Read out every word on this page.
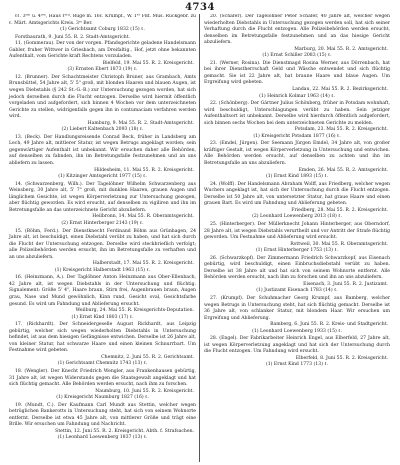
4734

ℓℓ. 3ᵗᵉⁿ u. 4ᵗᵉⁿ, Haus ℓᵉʳᵍ. Rüge m. 16ℓ. Krumpf., W. 1ᵉʳ Fßf. Mus. Rückgebr. zu ℓ. Märt. Amtsgerichts Kreis. 3ᵗᵉ Ber.

(1) Gerichtsamt Coburg 1832 (15) ℓ.

Forstbaurath, 9. Juni 55. R. 2. Stadt-Amtsgericht.

11. (Gommerau). Der von der vorgen. Pfandsgerichte geladene Handelsmann Gabler, fruher Wittwer in Griesbach, am Dreifaltig., Hof, jetzt ohne bekannten Aufenthalt, vom Gerichte kraft Rechtens vorzuladen.

Bielfeld, 19. Mai 55. R. 2. Kreisgericht.

(3) Ernsten Ebert 1873 (19) ℓ.

12. (Brunner). Der Schachtmeister Christoph Bruner, aus Grambach, Amts Brunsbüttel, 54 Jahre alt, 5' 5" groß, mit blonden Haaren und blauen Augen, ist wegen Diebstahls (§ 242 St.-G.-B.) zur Untersuchung gezogen worden, hat sich jedoch derselben durch die Flucht entzogen. Derselbe wird hiermit öffentlich vorgeladen und aufgefordert, sich binnen 4 Wochen vor dem unterzeichneten Gerichte zu stellen, widrigenfalls gegen ihn in contumaciam verfahren werden wird.

Hamburg, 9. Mai 55. R. 2. Stadt-Amtsgericht.

(2) Liebert Kaltenbach 2093 (18) ℓ.

13. (Beck). Der Handlungsreisende Conrad Beck, früher in Landsberg am Lech, 49 Jahre alt, mittlerer Statur, ist wegen Betrugs angeklagt worden; sein gegenwärtiger Aufenthalt ist unbekannt. Wir ersuchen daher alle Behörden, auf denselben zu fahnden, ihn im Betretungsfalle festzunehmen und an uns abliefern zu lassen.

Hildesheim, 11. Mai 55. R. 2. Kreisgericht.

(1) Kitzinger Amtsgericht 1977 (15) ℓ.

14. (Schwarzenberg, Wilh.). Der Tagelöhner Wilhelm Schwarzenberg aus Weinsberg, 30 Jahre alt, 5' 7" groß, mit dunklen Haaren, grauen Augen und länglichem Gesichte, ist wegen Körperverletzung zur Untersuchung gezogen, aber flüchtig geworden. Es wird ersucht, auf denselben zu vigiliren und ihn im Betretungsfalle an das unterzeichnete Gericht abzuliefern.

Heilbronn, 14. Mai 55. R. Oberamtsgericht.

(2) Ernst Hinterberger 2143 (19) ℓ.

15. (Böhm, Ferd.). Der Dienstknecht Ferdinand Böhm aus Grünhagen, 24 Jahre alt, ist beschuldigt, einen Diebstahl verübt zu haben, und hat sich durch die Flucht der Untersuchung entzogen. Derselbe wird steckbrieflich verfolgt; alle Polizeibehörden werden ersucht, ihn im Betretungsfalle zu verhaften und an uns abzuliefern.

Halberstadt, 17. Mai 55. R. 2. Kreisgericht.

(1) Kreisgericht Halberstadt 1963 (15) ℓ.

16. (Heinzmann, A.). Der Taglöhner Anton Heinzmann aus Ober-Ellenbach, 42 Jahre alt, ist wegen Diebstahls in der Untersuchung und flüchtig. Signalement: Größe 5' 4", Haare braun, Stirn frei, Augenbrauen braun, Augen grau, Nase und Mund gewöhnlich, Kinn rund, Gesicht oval, Gesichtsfarbe gesund. Es wird um Fahndung und Ablieferung ersucht.

Weilburg, 24. Mai 55. R. Kreisgerichts-Deputation.

(1) Ernst Kind 1803 (17) ℓ.

17. (Rickhardt). Der Schneidergeselle August Rickhardt, aus Leipzig gebürtig, welcher sich wegen wiederholten Diebstahls in Untersuchung befindet, ist aus dem hiesigen Gefängnisse entwichen. Derselbe ist 26 Jahre alt, von kleiner Statur, hat schwarze Haare und einen kleinen Schnurrbart. Um Festnahme wird gebeten.

Chemnitz, 2. Juni 55. R. 2. Gerichtsamt.

(1) Gerichtsamt Chemnitz 1743 (13) ℓ.

18. (Wengler). Der Knecht Friedrich Wengler, aus Frankenhausen gebürtig, 31 Jahre alt, ist wegen Widerstands gegen die Staatsgewalt angeklagt und hat sich flüchtig gemacht. Alle Behörden werden ersucht, nach ihm zu forschen.

Naumburg, 10. Juni 55. R. 2. Kreisgericht.

(1) Kreisgericht Naumburg 1827 (16) ℓ.

19. (Mundt, C.). Der Kaufmann Carl Mundt aus Stettin, welcher wegen betrüglichen Bankerotts in Untersuchung steht, hat sich von seinem Wohnorte entfernt. Derselbe ist etwa 45 Jahre alt, von mittlerer Größe und trägt eine Brille. Wir ersuchen um Fahndung und Nachricht.

Stettin, 12. Juni 55. R. 2. Kreisgericht. Abth. f. Strafsachen.

(1) Leonhard Loewenberg 1837 (13) ℓ.

20. (Schäfer). Der Tagelöhner Peter Schäfer, 40 Jahre alt, welcher wegen wiederholten Diebstahls in Untersuchung gezogen werden soll, hat sich seiner Verhaftung durch die Flucht entzogen. Alle Polizeibehörden werden ersucht, denselben im Betretungsfalle festzunehmen und an das hiesige Gericht abzuliefern.

Marburg, 20. Mai 55. R. 2. Amtsgericht.

(1) Ernst Schiller 2083 (15) ℓ.

21. (Werner, Rosina). Die Dienstmagd Rosina Werner, aus Dörrenbach, hat bei ihrer Dienstherrschaft Geld und Wäsche entwendet und sich flüchtig gemacht. Sie ist 22 Jahre alt, hat braune Haare und blaue Augen. Um Ergreifung wird gebeten.

Landau, 22. Mai 55. R. 2. Bezirksgericht.

(1) Heinrich Kolmar 1963 (14) ℓ.

22. (Schönberg). Der Gärtner Julius Schönberg, früher in Potsdam wohnhaft, wird beschuldigt, Unterschlagungen verübt zu haben. Sein jetziger Aufenthaltsort ist unbekannt. Derselbe wird hierdurch öffentlich aufgefordert, sich binnen sechs Wochen bei dem unterzeichneten Gerichte zu melden.

Potsdam, 23. Mai 55. R. 2. Kreisgericht.

(1) Kreisgericht Potsdam 1877 (16) ℓ.

23. (Emdel, Jürgen). Der Seemann Jürgen Emdel, 34 Jahre alt, von großer kräftiger Gestalt, ist wegen Körperverletzung in Untersuchung und entwichen. Alle Behörden werden ersucht, auf denselben zu achten und ihn im Betretungsfalle an uns abzuliefern.

Emden, 26. Mai 55. R. 2. Amtsgericht.

(1) Ernst Kind 1893 (15) ℓ.

24. (Wolff). Der Handelsmann Abraham Wolff, aus Friedberg, welcher wegen Wuchers angeklagt ist, hat sich der Untersuchung durch die Flucht entzogen. Derselbe ist 50 Jahre alt, von untersetzter Statur, hat graue Haare und einen grauen Bart. Es wird um Fahndung und Ablieferung gebeten.

Friedberg, 28. Mai 55. R. 2. Kreisgericht.

(2) Leonhard Loewenberg 2013 (18) ℓ.

25. (Hinterberger). Der Müllerknecht Johann Hinterberger, aus Oberndorf, 28 Jahre alt, ist wegen Diebstahls verurtheilt und vor Antritt der Strafe flüchtig geworden. Um Festnahme und Ablieferung wird ersucht.

Rottweil, 30. Mai 55. R. Oberamtsgericht.

(1) Ernst Hinterberger 1753 (13) ℓ.

26. (Schwarzkopf). Der Zimmermann Friedrich Schwarzkopf, aus Eisenach gebürtig, wird beschuldigt, einen Einbruchsdiebstahl verübt zu haben. Derselbe ist 38 Jahre alt und hat sich von seinem Wohnorte entfernt. Alle Behörden werden ersucht, nach ihm zu forschen und ihn an uns abzuliefern.

Eisenach, 3. Juni 55. R. 2. Justizamt.

(1) Justizamt Eisenach 1783 (14) ℓ.

27. (Krumpf). Der Schuhmacher Georg Krumpf, aus Bamberg, welcher wegen Betrugs in Untersuchung steht, hat sich flüchtig gemacht. Derselbe ist 36 Jahre alt, von schlanker Statur, mit blondem Haar. Wir ersuchen um Ergreifung und Ablieferung.

Bamberg, 6. Juni 55. R. 2. Kreis- und Stadtgericht.

(1) Leonhard Loewenberg 1933 (15) ℓ.

28. (Engel). Der Fabrikarbeiter Heinrich Engel, aus Elberfeld, 27 Jahre alt, ist wegen Körperverletzung angeklagt und hat sich der Untersuchung durch die Flucht entzogen. Um Fahndung wird ersucht.

Elberfeld, 8. Juni 55. R. 2. Kreisgericht.

(1) Ernst Kind 1773 (13) ℓ.
